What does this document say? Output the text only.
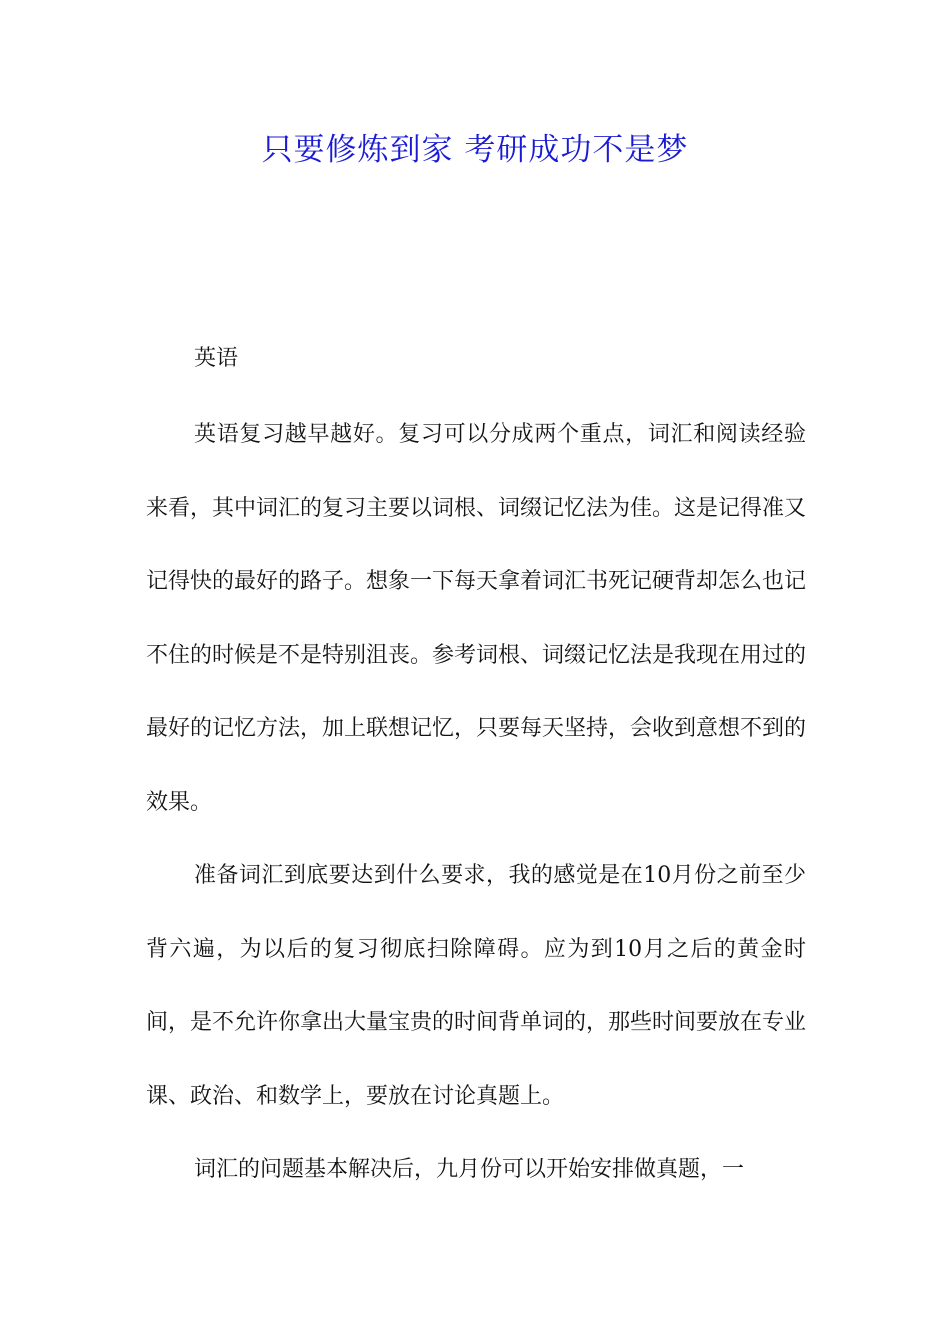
只要修炼到家 考研成功不是梦

英语

英语复习越早越好。复习可以分成两个重点，词汇和阅读经验来看，其中词汇的复习主要以词根、词缀记忆法为佳。这是记得准又记得快的最好的路子。想象一下每天拿着词汇书死记硬背却怎么也记不住的时候是不是特别沮丧。参考词根、词缀记忆法是我现在用过的最好的记忆方法，加上联想记忆，只要每天坚持，会收到意想不到的效果。

准备词汇到底要达到什么要求，我的感觉是在10月份之前至少背六遍，为以后的复习彻底扫除障碍。应为到10月之后的黄金时间，是不允许你拿出大量宝贵的时间背单词的，那些时间要放在专业课、政治、和数学上，要放在讨论真题上。

词汇的问题基本解决后，九月份可以开始安排做真题，一
